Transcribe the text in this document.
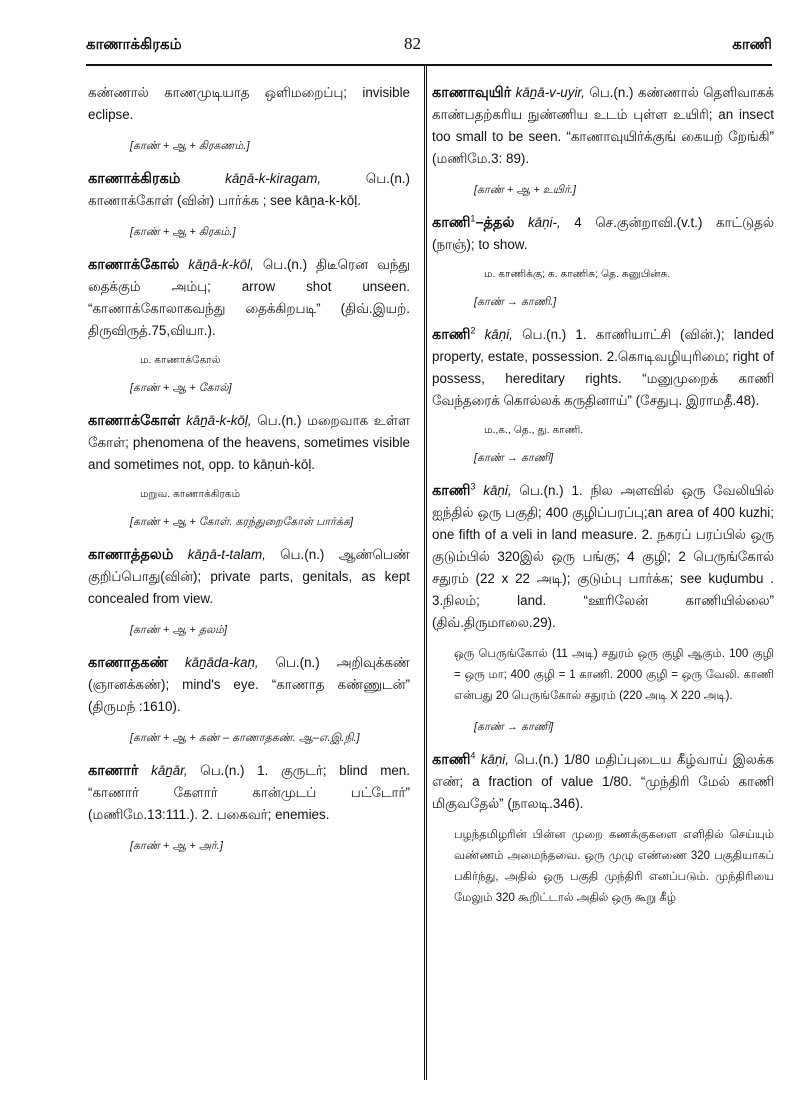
காணாக்கிரகம்	82	காணி
கண்ணால் காணமுடியாத ஒளிமறைப்பு; invisible eclipse.
[காண் + ஆ + கிரகணம்.]
காணாக்கிரகம்	kāṉā-k-kiragam,	பெ.(n.) காணாக்கோள் (வின்) பார்க்க ; see kāṉa-k-kōḷ.
[காண் + ஆ + கிரகம்.]
காணாக்கோல் kāṉā-k-kōl, பெ.(n.) திடீரென வந்து தைக்கும் அம்பு; arrow shot unseen. “காணாக்கோலாகவந்து தைக்கிறபடி” (திவ்.இயற். திருவிருத்.75,வியா.).
ம. காணாக்கோல்
[காண் + ஆ + கோல்]
காணாக்கோள் kāṉā-k-kōḷ, பெ.(n.) மறைவாக உள்ள கோள்; phenomena of the heavens, sometimes visible and sometimes not, opp. to kāṇuṅ-kōḷ.
மறுவ. காணாக்கிரகம்
[காண் + ஆ + கோள். கரந்துறைகோள் பார்க்க]
காணாத்தலம் kāṉā-t-talam, பெ.(n.) ஆண்பெண் குறிப்பொது(வின்); private parts, genitals, as kept concealed from view.
[காண் + ஆ + தலம்]
காணாதகண் kāṉāda-kaṇ, பெ.(n.) அறிவுக்கண் (ஞானக்கண்); mind's eye. “காணாத கண்ணுடன்” (திருமந் :1610).
[காண் + ஆ + கண் – காணாதகண். ஆ–எ.இ.நி.]
காணார் kāṉār, பெ.(n.) 1. குருடர்; blind men. “காணார் கேளார் கான்முடப் பட்டோர்” (மணிமே.13:111.). 2. பகைவர்; enemies.
[காண் + ஆ + அர்.]
காணாவுயிர் kāṉā-v-uyir, பெ.(n.) கண்ணால் தெளிவாகக் காண்பதற்கரிய நுண்ணிய உடம் புள்ள உயிரி; an insect too small to be seen. “காணாவுயிர்க்குங் கையற் றேங்கி” (மணிமே.3: 89).
[காண் + ஆ + உயிர்.]
காணி$^1$–த்தல் kāṇi-, 4 செ.குன்றாவி.(v.t.) காட்டுதல் (நாஞ்); to show.
ம. காணிக்கு; க. காணிசு; தெ. கனுபின்சு.
[காண் → காணி.]
காணி$^2$ kāṇi, பெ.(n.) 1. காணியாட்சி (வின்.); landed property, estate, possession. 2.கொடிவழியுரிமை; right of possess, hereditary rights. “மனுமுறைக் காணி வேந்தரைக் கொல்லக் கருதினாய்” (சேதுபு. இராமதீ.48).
ம.,க., தெ., து. காணி.
[காண் → காணி]
காணி$^3$ kāṇi, பெ.(n.) 1. நில அளவில் ஒரு வேலியில் ஐந்தில் ஒரு பகுதி; 400 குழிப்பரப்பு;an area of 400 kuzhi; one fifth of a veli in land measure. 2. நகரப் பரப்பில் ஒரு குடும்பில் 320இல் ஒரு பங்கு; 4 குழி; 2 பெருங்கோல் சதுரம் (22 x 22 அடி); குடும்பு பார்க்க; see kuḍumbu . 3.நிலம்; land. “ஊரிலேன் காணியில்லை” (திவ்.திருமாலை.29).
ஒரு பெருங்கோல் (11 அடி) சதுரம் ஒரு குழி ஆகும். 100 குழி = ஒரு மா; 400 குழி = 1 காணி. 2000 குழி = ஒரு வேலி. காணி என்பது 20 பெருங்கோல் சதுரம் (220 அடி X 220 அடி).
[காண் → காணி]
காணி$^4$ kāṇi, பெ.(n.) 1/80 மதிப்புடைய கீழ்வாய் இலக்க எண்; a fraction of value 1/80. “முந்திரி மேல் காணி மிகுவதேல்” (நாலடி.346).
பழந்தமிழரின் பின்ன முறை கணக்குகளை எளிதில் செய்யும் வண்ணம் அமைந்தவை. ஒரு முழு எண்ணை 320 பகுதியாகப் பகிர்ந்து, அதில் ஒரு பகுதி முந்திரி எனப்படும். முந்திரியை மேலும் 320 கூறிட்டால் அதில் ஒரு கூறு கீழ்
